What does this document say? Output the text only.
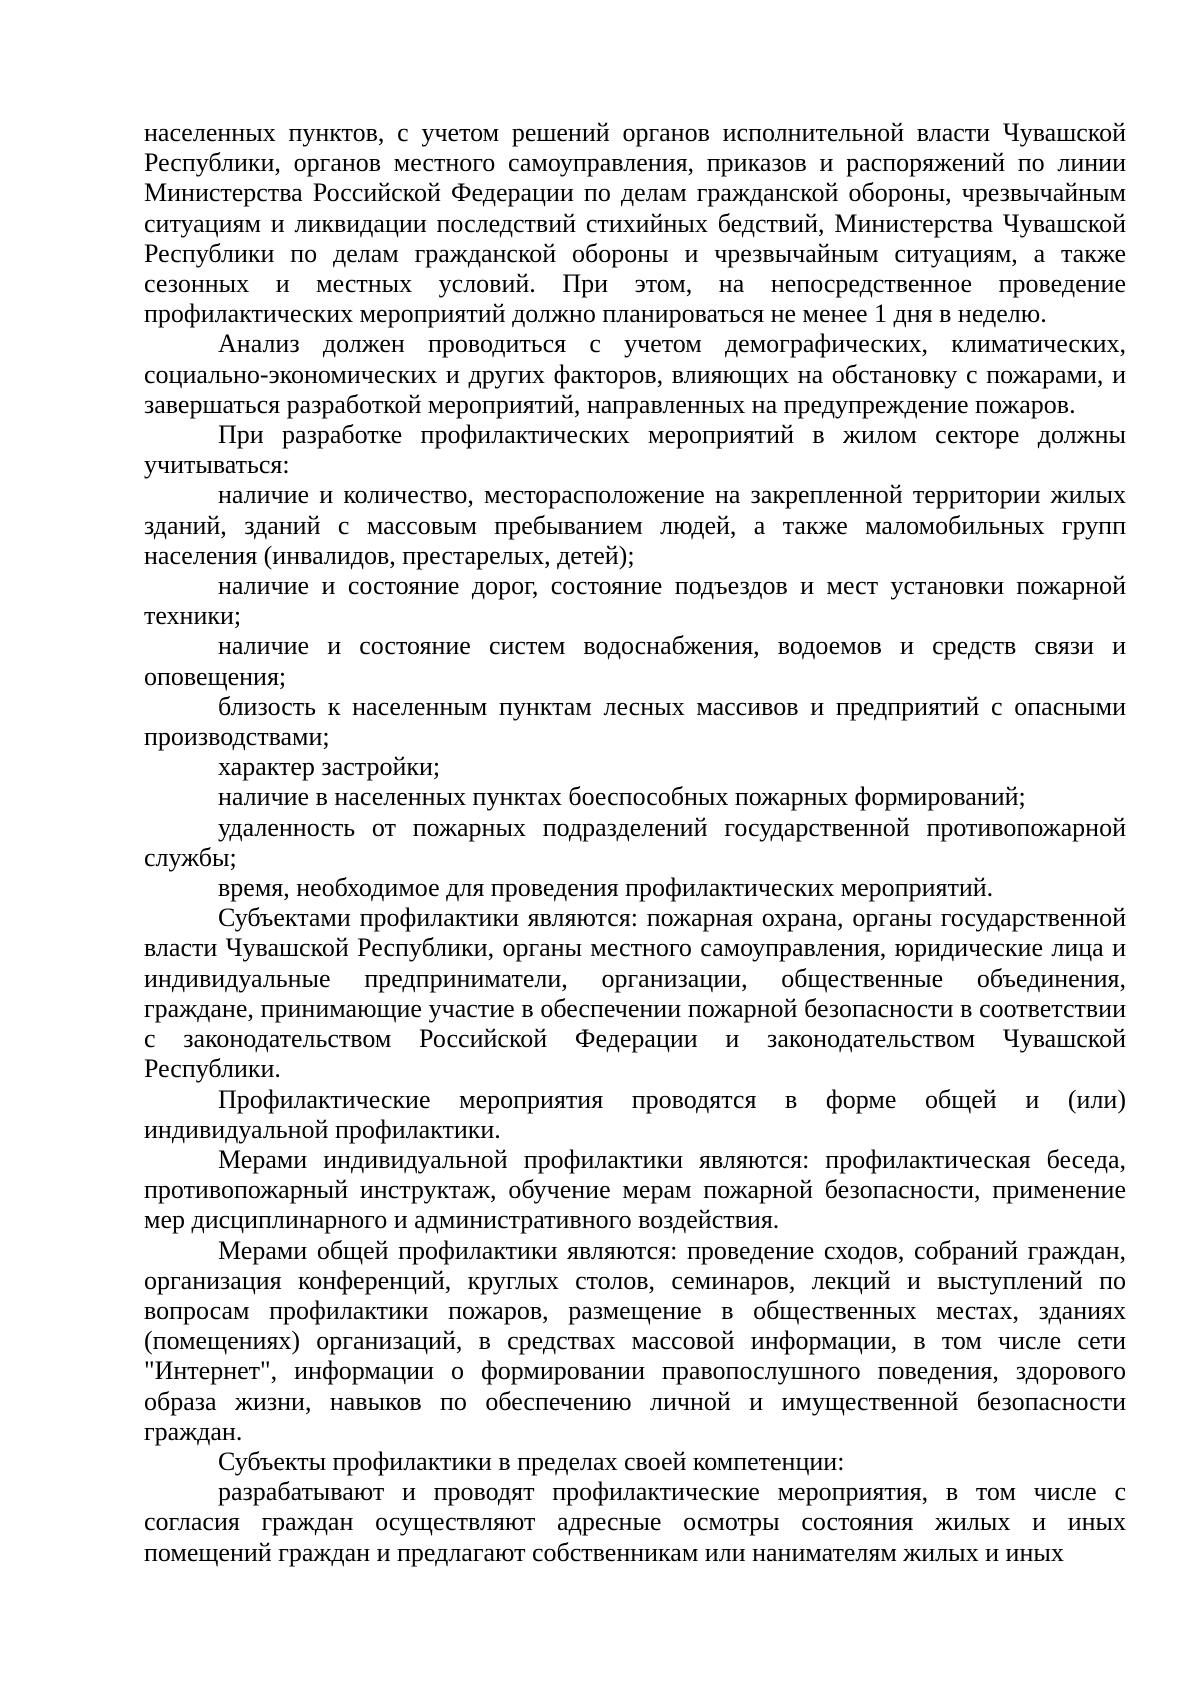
населенных пунктов, с учетом решений органов исполнительной власти Чувашской Республики, органов местного самоуправления, приказов и распоряжений по линии Министерства Российской Федерации по делам гражданской обороны, чрезвычайным ситуациям и ликвидации последствий стихийных бедствий, Министерства Чувашской Республики по делам гражданской обороны и чрезвычайным ситуациям, а также сезонных и местных условий. При этом, на непосредственное проведение профилактических мероприятий должно планироваться не менее 1 дня в неделю.

Анализ должен проводиться с учетом демографических, климатических, социально-экономических и других факторов, влияющих на обстановку с пожарами, и завершаться разработкой мероприятий, направленных на предупреждение пожаров.

При разработке профилактических мероприятий в жилом секторе должны учитываться:

наличие и количество, месторасположение на закрепленной территории жилых зданий, зданий с массовым пребыванием людей, а также маломобильных групп населения (инвалидов, престарелых, детей);

наличие и состояние дорог, состояние подъездов и мест установки пожарной техники;

наличие и состояние систем водоснабжения, водоемов и средств связи и оповещения;

близость к населенным пунктам лесных массивов и предприятий с опасными производствами;

характер застройки;

наличие в населенных пунктах боеспособных пожарных формирований;

удаленность от пожарных подразделений государственной противопожарной службы;

время, необходимое для проведения профилактических мероприятий.

Субъектами профилактики являются: пожарная охрана, органы государственной власти Чувашской Республики, органы местного самоуправления, юридические лица и индивидуальные предприниматели, организации, общественные объединения, граждане, принимающие участие в обеспечении пожарной безопасности в соответствии с законодательством Российской Федерации и законодательством Чувашской Республики.

Профилактические мероприятия проводятся в форме общей и (или) индивидуальной профилактики.

Мерами индивидуальной профилактики являются: профилактическая беседа, противопожарный инструктаж, обучение мерам пожарной безопасности, применение мер дисциплинарного и административного воздействия.

Мерами общей профилактики являются: проведение сходов, собраний граждан, организация конференций, круглых столов, семинаров, лекций и выступлений по вопросам профилактики пожаров, размещение в общественных местах, зданиях (помещениях) организаций, в средствах массовой информации, в том числе сети "Интернет", информации о формировании правопослушного поведения, здорового образа жизни, навыков по обеспечению личной и имущественной безопасности граждан.

Субъекты профилактики в пределах своей компетенции:

разрабатывают и проводят профилактические мероприятия, в том числе с согласия граждан осуществляют адресные осмотры состояния жилых и иных помещений граждан и предлагают собственникам или нанимателям жилых и иных
